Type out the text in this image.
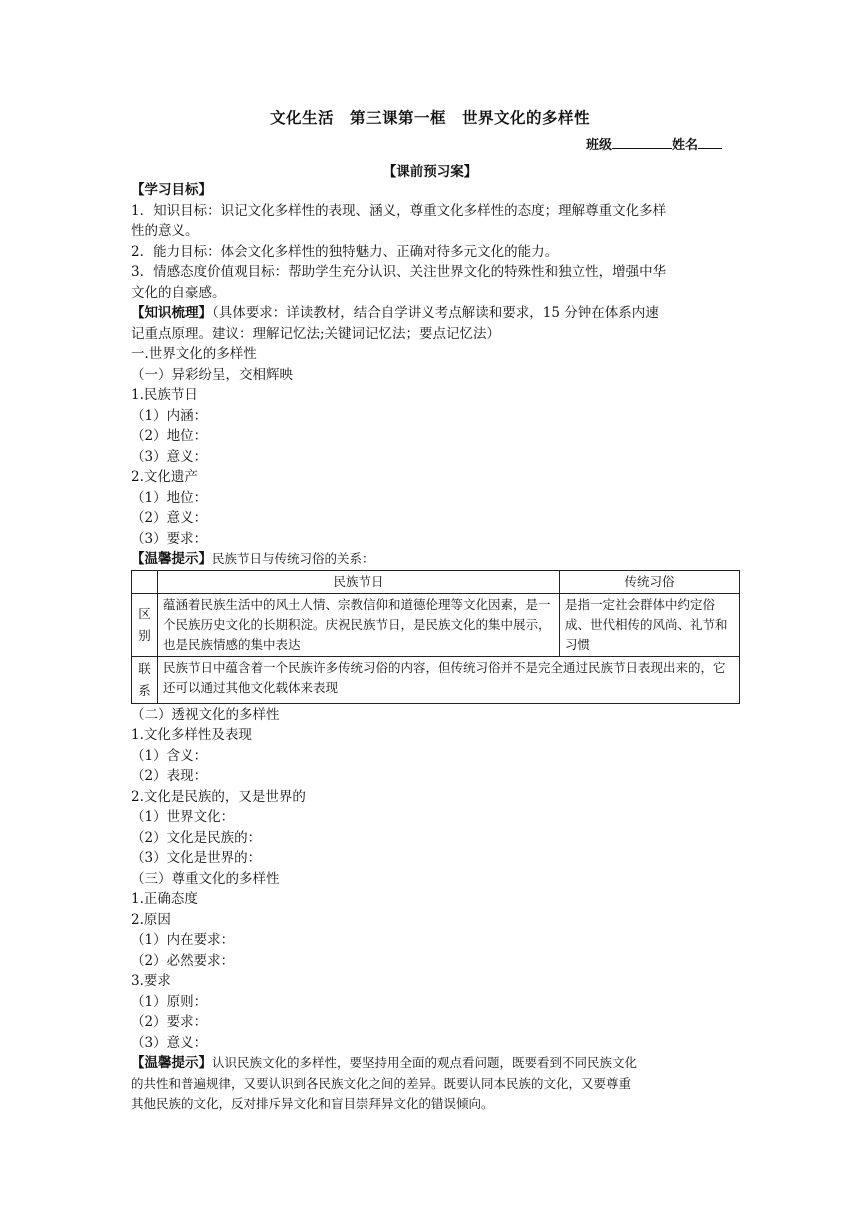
文化生活　第三课第一框　世界文化的多样性
班级	姓名
【课前预习案】
【学习目标】
1．知识目标：识记文化多样性的表现、涵义，尊重文化多样性的态度；理解尊重文化多样
性的意义。
2．能力目标：体会文化多样性的独特魅力、正确对待多元文化的能力。
3．情感态度价值观目标：帮助学生充分认识、关注世界文化的特殊性和独立性，增强中华
文化的自豪感。
【知识梳理】（具体要求：详读教材，结合自学讲义考点解读和要求，15 分钟在体系内速
记重点原理。建议：理解记忆法;关键词记忆法；要点记忆法）
一.世界文化的多样性
（一）异彩纷呈，交相辉映
1.民族节日
（1）内涵：
（2）地位：
（3）意义：
2.文化遗产
（1）地位：
（2）意义：
（3）要求：
【温馨提示】民族节日与传统习俗的关系：
	民族节日	传统习俗
区别	蕴涵着民族生活中的风土人情、宗教信仰和道德伦理等文化因素，是一个民族历史文化的长期积淀。庆祝民族节日，是民族文化的集中展示，也是民族情感的集中表达	是指一定社会群体中约定俗成、世代相传的风尚、礼节和习惯
联系	民族节日中蕴含着一个民族许多传统习俗的内容，但传统习俗并不是完全通过民族节日表现出来的，它还可以通过其他文化载体来表现	
（二）透视文化的多样性
1.文化多样性及表现
（1）含义：
（2）表现：
2.文化是民族的，又是世界的
（1）世界文化：
（2）文化是民族的：
（3）文化是世界的：
（三）尊重文化的多样性
1.正确态度
2.原因
（1）内在要求：
（2）必然要求：
3.要求
（1）原则：
（2）要求：
（3）意义：
【温馨提示】认识民族文化的多样性，要坚持用全面的观点看问题，既要看到不同民族文化
的共性和普遍规律，又要认识到各民族文化之间的差异。既要认同本民族的文化，又要尊重
其他民族的文化，反对排斥异文化和盲目崇拜异文化的错误倾向。
